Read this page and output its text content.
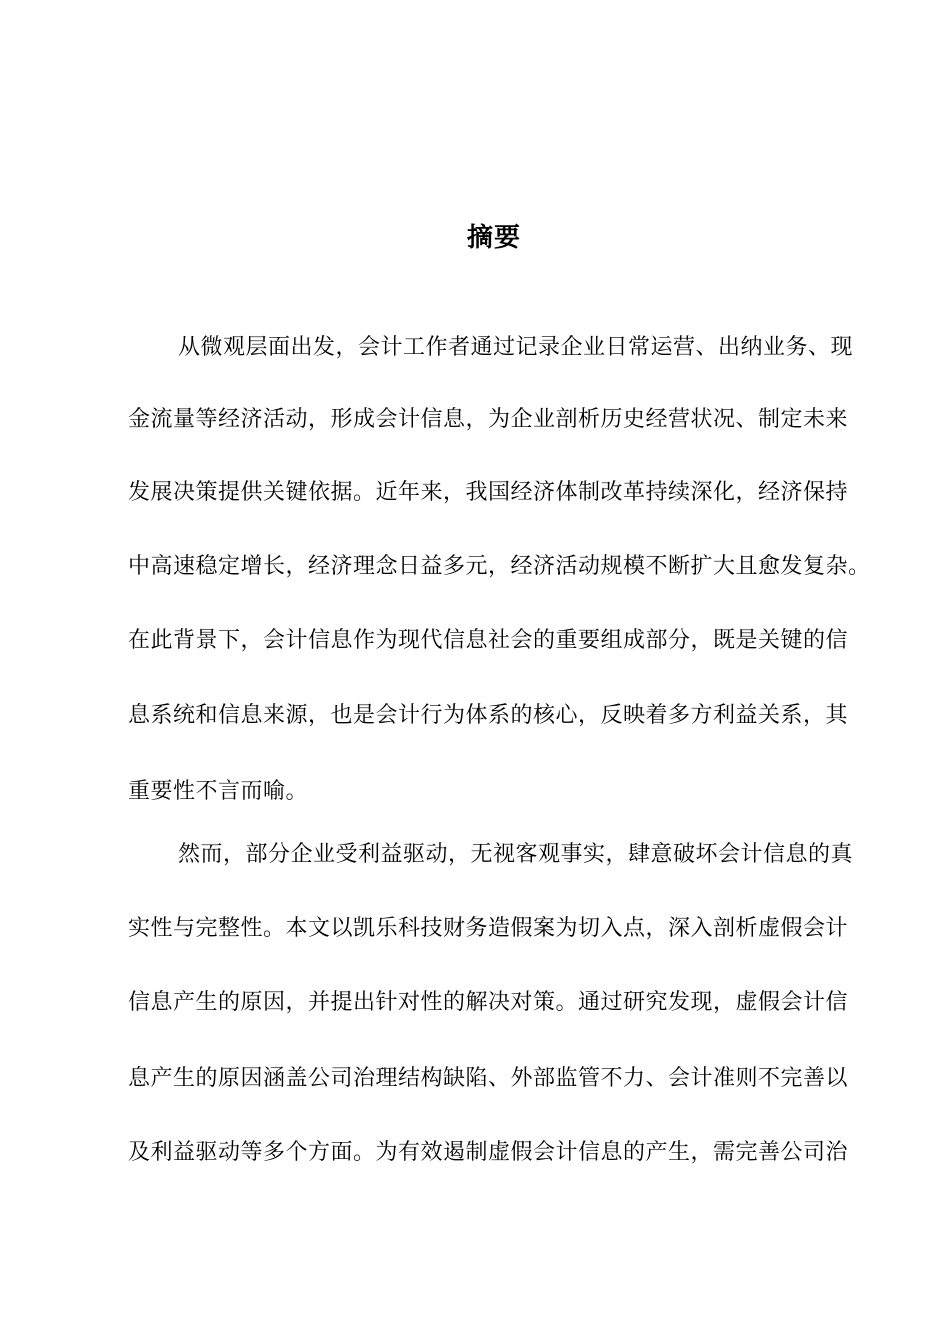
摘要
从微观层面出发，会计工作者通过记录企业日常运营、出纳业务、现
金流量等经济活动，形成会计信息，为企业剖析历史经营状况、制定未来
发展决策提供关键依据。近年来，我国经济体制改革持续深化，经济保持
中高速稳定增长，经济理念日益多元，经济活动规模不断扩大且愈发复杂。
在此背景下，会计信息作为现代信息社会的重要组成部分，既是关键的信
息系统和信息来源，也是会计行为体系的核心，反映着多方利益关系，其
重要性不言而喻。
然而，部分企业受利益驱动，无视客观事实，肆意破坏会计信息的真
实性与完整性。本文以凯乐科技财务造假案为切入点，深入剖析虚假会计
信息产生的原因，并提出针对性的解决对策。通过研究发现，虚假会计信
息产生的原因涵盖公司治理结构缺陷、外部监管不力、会计准则不完善以
及利益驱动等多个方面。为有效遏制虚假会计信息的产生，需完善公司治
